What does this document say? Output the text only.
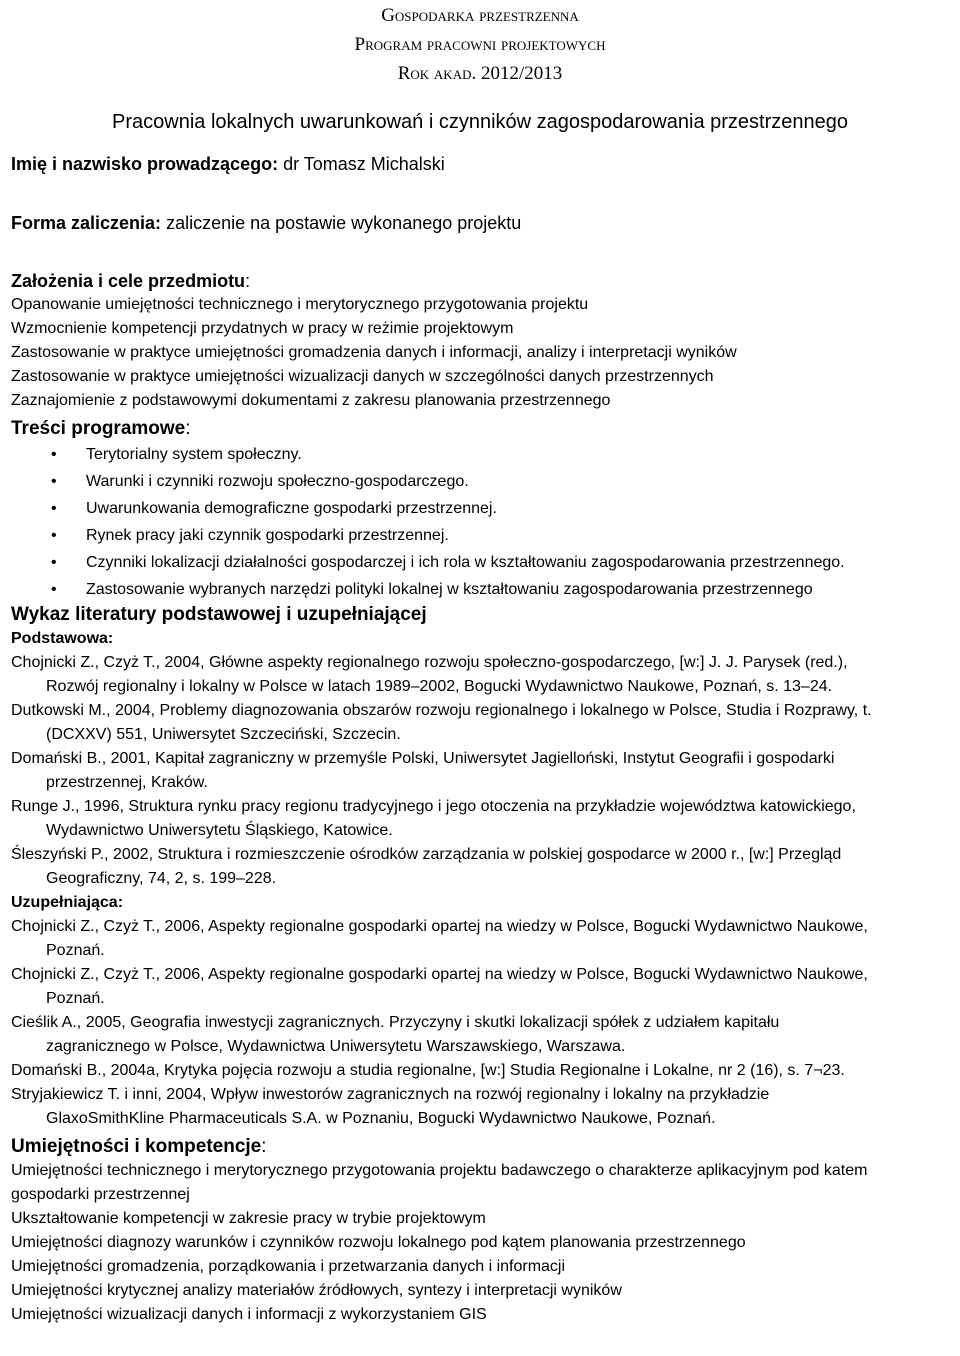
Gospodarka przestrzenna
Program pracowni projektowych
Rok akad. 2012/2013
Pracownia lokalnych uwarunkowań i czynników zagospodarowania przestrzennego
Imię i nazwisko prowadzącego: dr Tomasz Michalski
Forma zaliczenia: zaliczenie na postawie wykonanego projektu
Założenia i cele przedmiotu:
Opanowanie umiejętności technicznego i merytorycznego przygotowania projektu
Wzmocnienie kompetencji przydatnych w pracy w reżimie projektowym
Zastosowanie w praktyce umiejętności gromadzenia danych i informacji, analizy i interpretacji wyników
Zastosowanie w praktyce umiejętności wizualizacji danych w szczególności danych przestrzennych
Zaznajomienie z podstawowymi dokumentami z zakresu planowania przestrzennego
Treści programowe:
• Terytorialny system społeczny.
• Warunki i czynniki rozwoju społeczno-gospodarczego.
• Uwarunkowania demograficzne gospodarki przestrzennej.
• Rynek pracy jaki czynnik gospodarki przestrzennej.
• Czynniki lokalizacji działalności gospodarczej i ich rola w kształtowaniu zagospodarowania przestrzennego.
• Zastosowanie wybranych narzędzi polityki lokalnej w kształtowaniu zagospodarowania przestrzennego
Wykaz literatury podstawowej i uzupełniającej
Podstawowa:
Chojnicki Z., Czyż T., 2004, Główne aspekty regionalnego rozwoju społeczno-gospodarczego, [w:] J. J. Parysek (red.),
Rozwój regionalny i lokalny w Polsce w latach 1989–2002, Bogucki Wydawnictwo Naukowe, Poznań, s. 13–24.
Dutkowski M., 2004, Problemy diagnozowania obszarów rozwoju regionalnego i lokalnego w Polsce, Studia i Rozprawy, t.
(DCXXV) 551, Uniwersytet Szczeciński, Szczecin.
Domański B., 2001, Kapitał zagraniczny w przemyśle Polski, Uniwersytet Jagielloński, Instytut Geografii i gospodarki
przestrzennej, Kraków.
Runge J., 1996, Struktura rynku pracy regionu tradycyjnego i jego otoczenia na przykładzie województwa katowickiego,
Wydawnictwo Uniwersytetu Śląskiego, Katowice.
Śleszyński P., 2002, Struktura i rozmieszczenie ośrodków zarządzania w polskiej gospodarce w 2000 r., [w:] Przegląd
Geograficzny, 74, 2, s. 199–228.
Uzupełniająca:
Chojnicki Z., Czyż T., 2006, Aspekty regionalne gospodarki opartej na wiedzy w Polsce, Bogucki Wydawnictwo Naukowe,
Poznań.
Chojnicki Z., Czyż T., 2006, Aspekty regionalne gospodarki opartej na wiedzy w Polsce, Bogucki Wydawnictwo Naukowe,
Poznań.
Cieślik A., 2005, Geografia inwestycji zagranicznych. Przyczyny i skutki lokalizacji spółek z udziałem kapitału
zagranicznego w Polsce, Wydawnictwa Uniwersytetu Warszawskiego, Warszawa.
Domański B., 2004a, Krytyka pojęcia rozwoju a studia regionalne, [w:] Studia Regionalne i Lokalne, nr 2 (16), s. 7¬23.
Stryjakiewicz T. i inni, 2004, Wpływ inwestorów zagranicznych na rozwój regionalny i lokalny na przykładzie
GlaxoSmithKline Pharmaceuticals S.A. w Poznaniu, Bogucki Wydawnictwo Naukowe, Poznań.
Umiejętności i kompetencje:
Umiejętności technicznego i merytorycznego przygotowania projektu badawczego o charakterze aplikacyjnym pod katem gospodarki przestrzennej
Ukształtowanie kompetencji w zakresie pracy w trybie projektowym
Umiejętności diagnozy warunków i czynników rozwoju lokalnego pod kątem planowania przestrzennego
Umiejętności gromadzenia, porządkowania i przetwarzania danych i informacji
Umiejętności krytycznej analizy materiałów źródłowych, syntezy i interpretacji wyników
Umiejętności wizualizacji danych i informacji z wykorzystaniem GIS
